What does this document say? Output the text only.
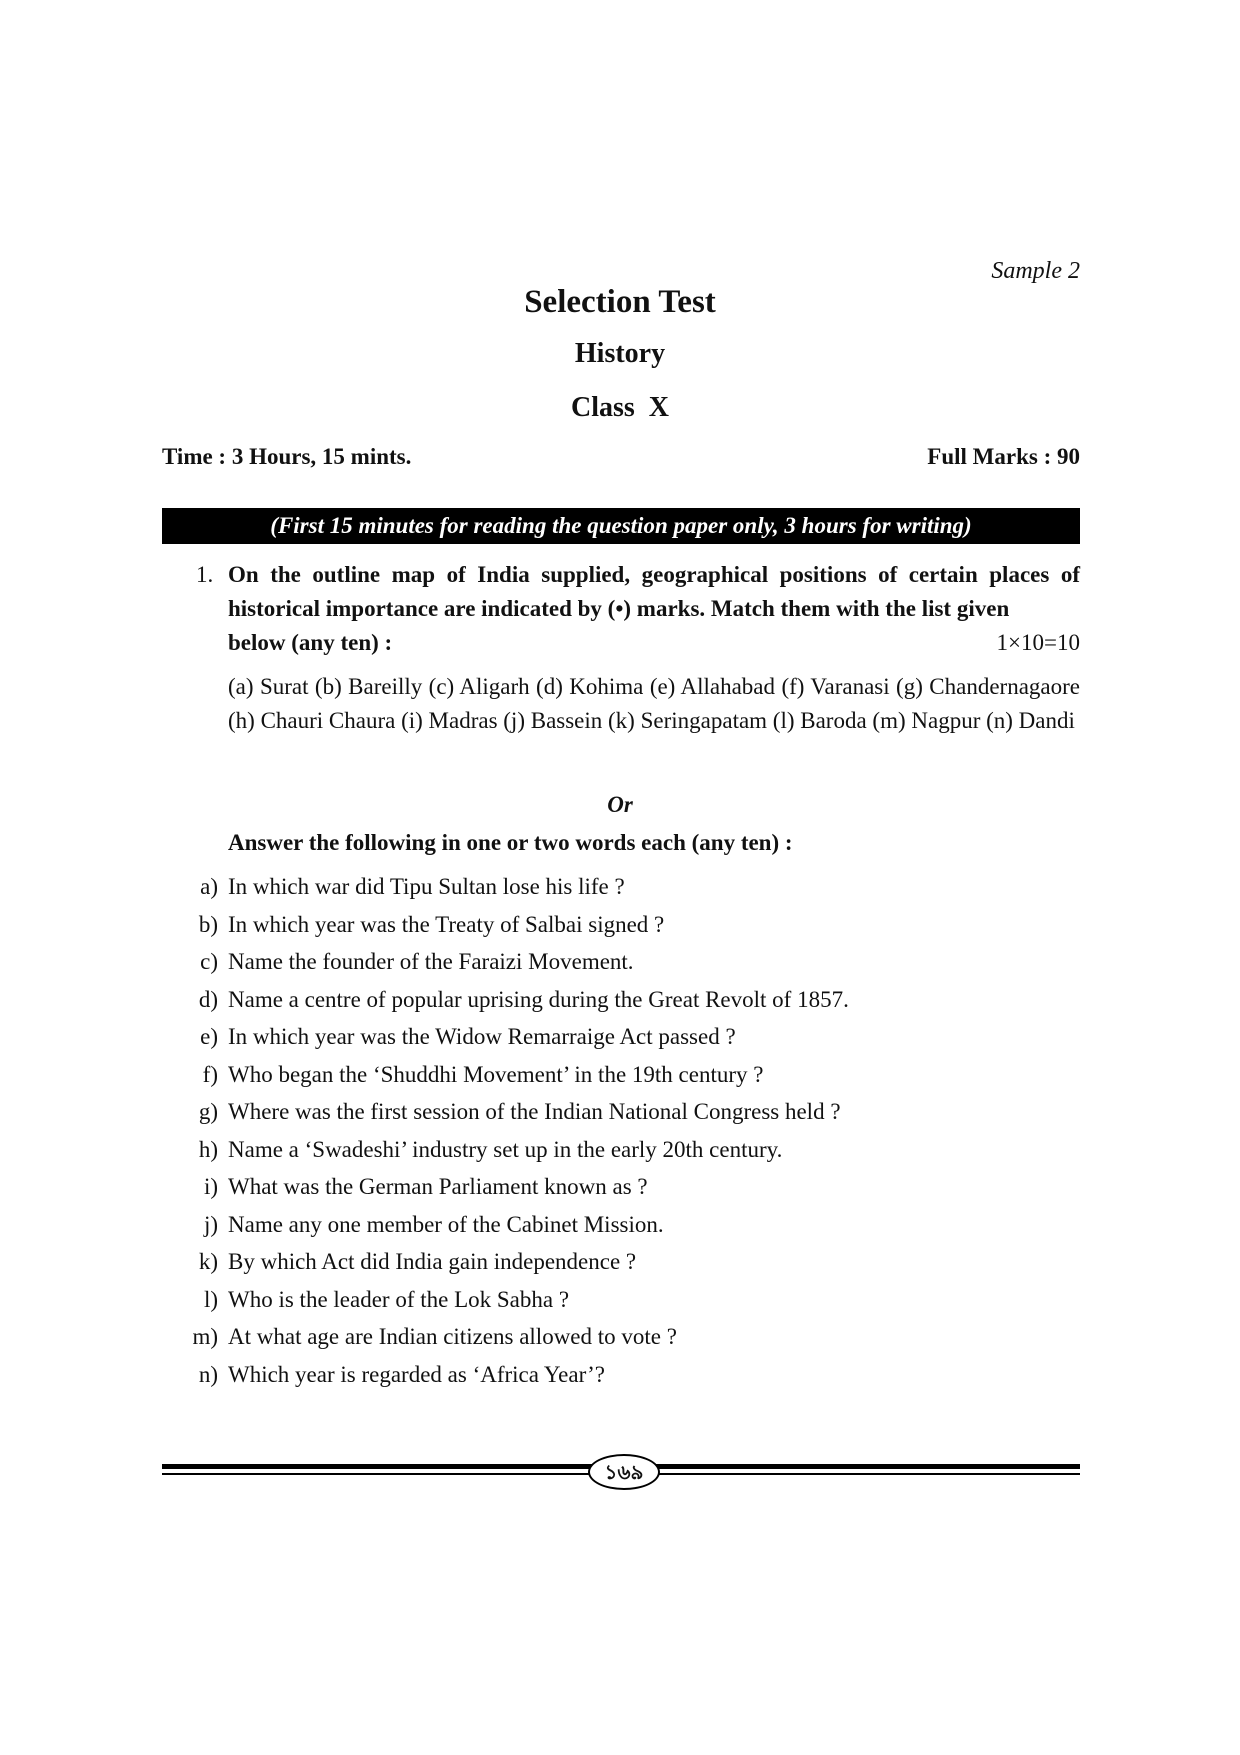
Sample 2
Selection Test
History
Class  X
Time : 3 Hours, 15 mints.	Full Marks : 90
(First 15 minutes for reading the question paper only, 3 hours for writing)
1. On the outline map of India supplied, geographical positions of certain places of historical importance are indicated by (•) marks. Match them with the list given
below (any ten) :	1×10=10
(a) Surat (b) Bareilly (c) Aligarh (d) Kohima (e) Allahabad (f) Varanasi (g) Chandernagaore (h) Chauri Chaura (i) Madras (j) Bassein (k) Seringapatam (l) Baroda (m) Nagpur (n) Dandi
Or
Answer the following in one or two words each (any ten) :
a) In which war did Tipu Sultan lose his life ?
b) In which year was the Treaty of Salbai signed ?
c) Name the founder of the Faraizi Movement.
d) Name a centre of popular uprising during the Great Revolt of 1857.
e) In which year was the Widow Remarraige Act passed ?
f) Who began the ‘Shuddhi Movement’ in the 19th century ?
g) Where was the first session of the Indian National Congress held ?
h) Name a ‘Swadeshi’ industry set up in the early 20th century.
i) What was the German Parliament known as ?
j) Name any one member of the Cabinet Mission.
k) By which Act did India gain independence ?
l) Who is the leader of the Lok Sabha ?
m) At what age are Indian citizens allowed to vote ?
n) Which year is regarded as ‘Africa Year’?
১৬৯
